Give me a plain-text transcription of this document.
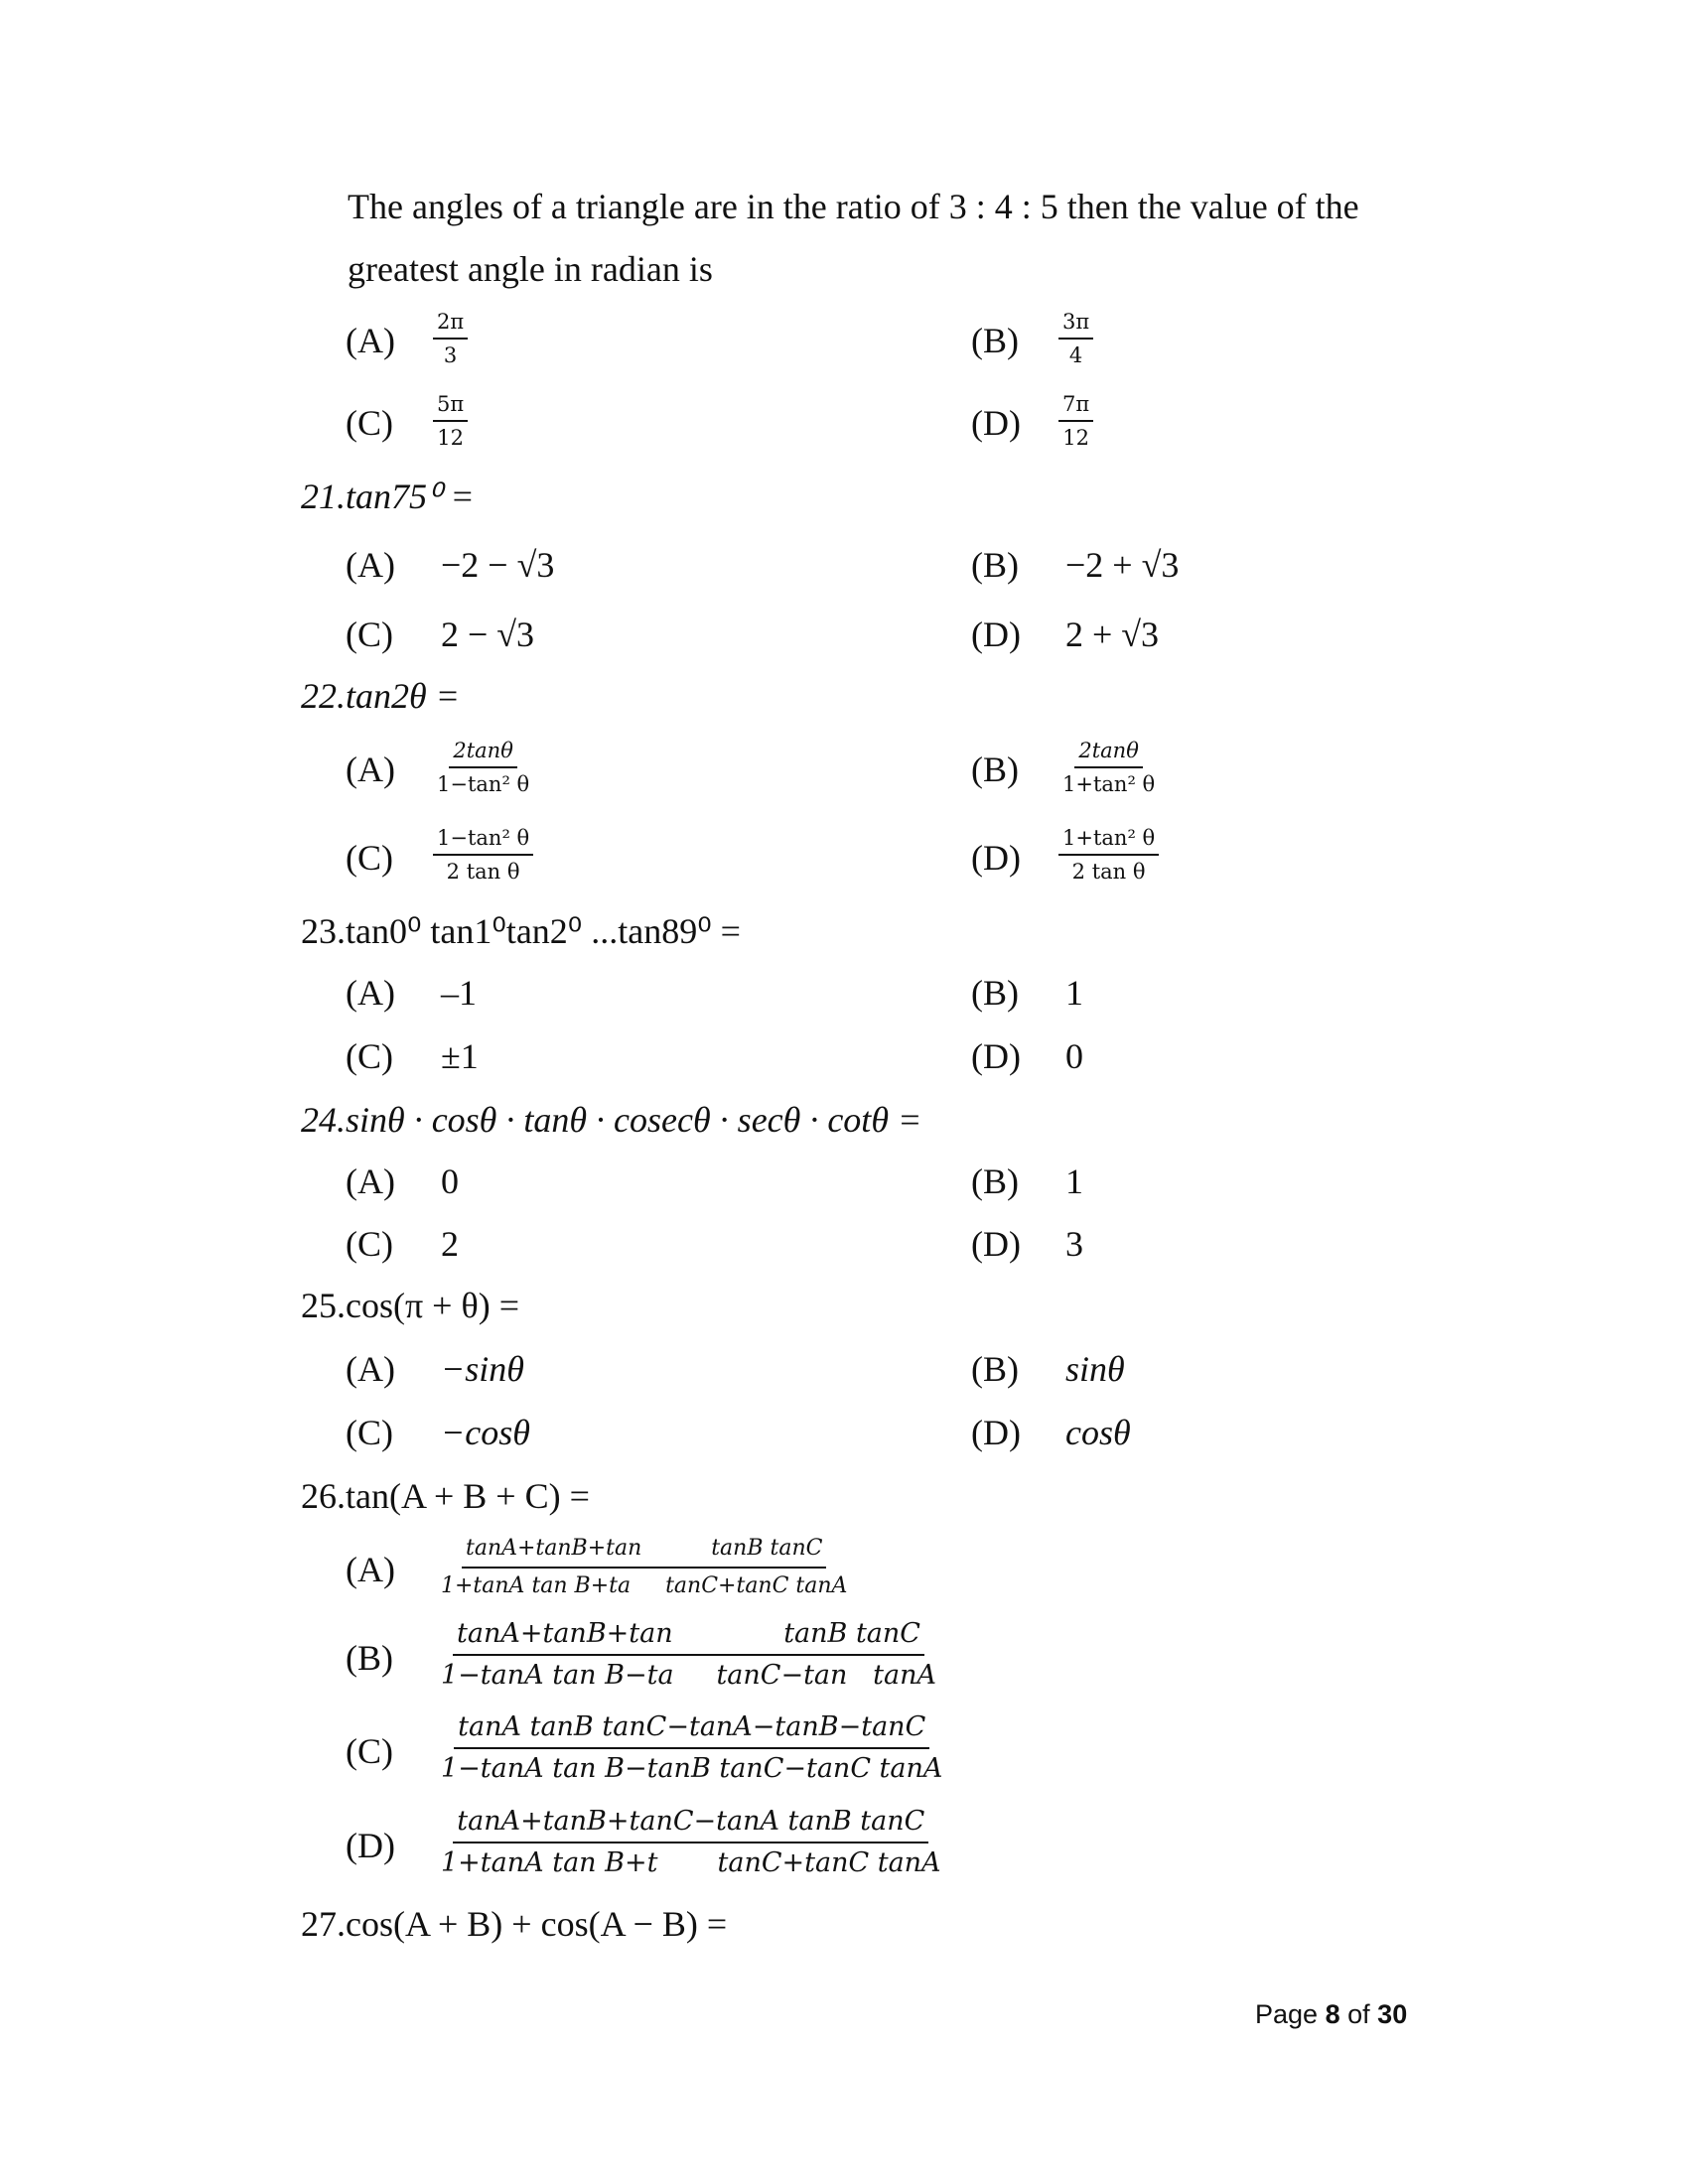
The angles of a triangle are in the ratio of 3 : 4 : 5 then the value of the
greatest angle in radian is
$(A) \frac{2\pi}{3}$	$(B) \frac{3\pi}{4}$
$(C) \frac{5\pi}{12}$	$(D) \frac{7\pi}{12}$
21.tan75⁰ =
(A) −2 − √3	(B) −2 + √3
(C) 2 − √3	(D) 2 + √3
22.tan2θ =
$(A) \frac{2\tan\theta}{\text{1−tan² θ}}$	$(B) \frac{2\tan\theta}{\text{1+tan² θ}}$
$(C) \frac{\text{1−tan² θ}}{\text{2 tan θ}}$	$(D) \frac{\text{1+tan² θ}}{\text{2 tan θ}}$
23.tan0⁰ tan1⁰tan2⁰ ...tan89⁰ =
(A) –1	(B) 1
(C) ±1	(D) 0
24.sinθ · cosθ · tanθ · cosecθ · secθ · cotθ =
(A) 0	(B) 1
(C) 2	(D) 3
25.cos(π + θ) =
(A) −sinθ	(B) sinθ
(C) −cosθ	(D) cosθ
26.tan(A + B + C) =
$(A) \frac{\text{tanA+tanB+tan          tanB tanC}}{\text{1+tanA tan B+ta     tanC+tanC tanA}}$
$(B) \frac{\text{tanA+tanB+tan             tanB tanC}}{\text{1−tanA tan B−ta     tanC−tan   tanA}}$
$(C) \frac{\text{tanA tanB tanC−tanA−tanB−tanC}}{\text{1−tanA tan B−tanB tanC−tanC tanA}}$
$(D) \frac{\text{tanA+tanB+tanC−tanA tanB tanC}}{\text{1+tanA tan B+t       tanC+tanC tanA}}$
27.cos(A + B) + cos(A − B) =
Page 8 of 30
